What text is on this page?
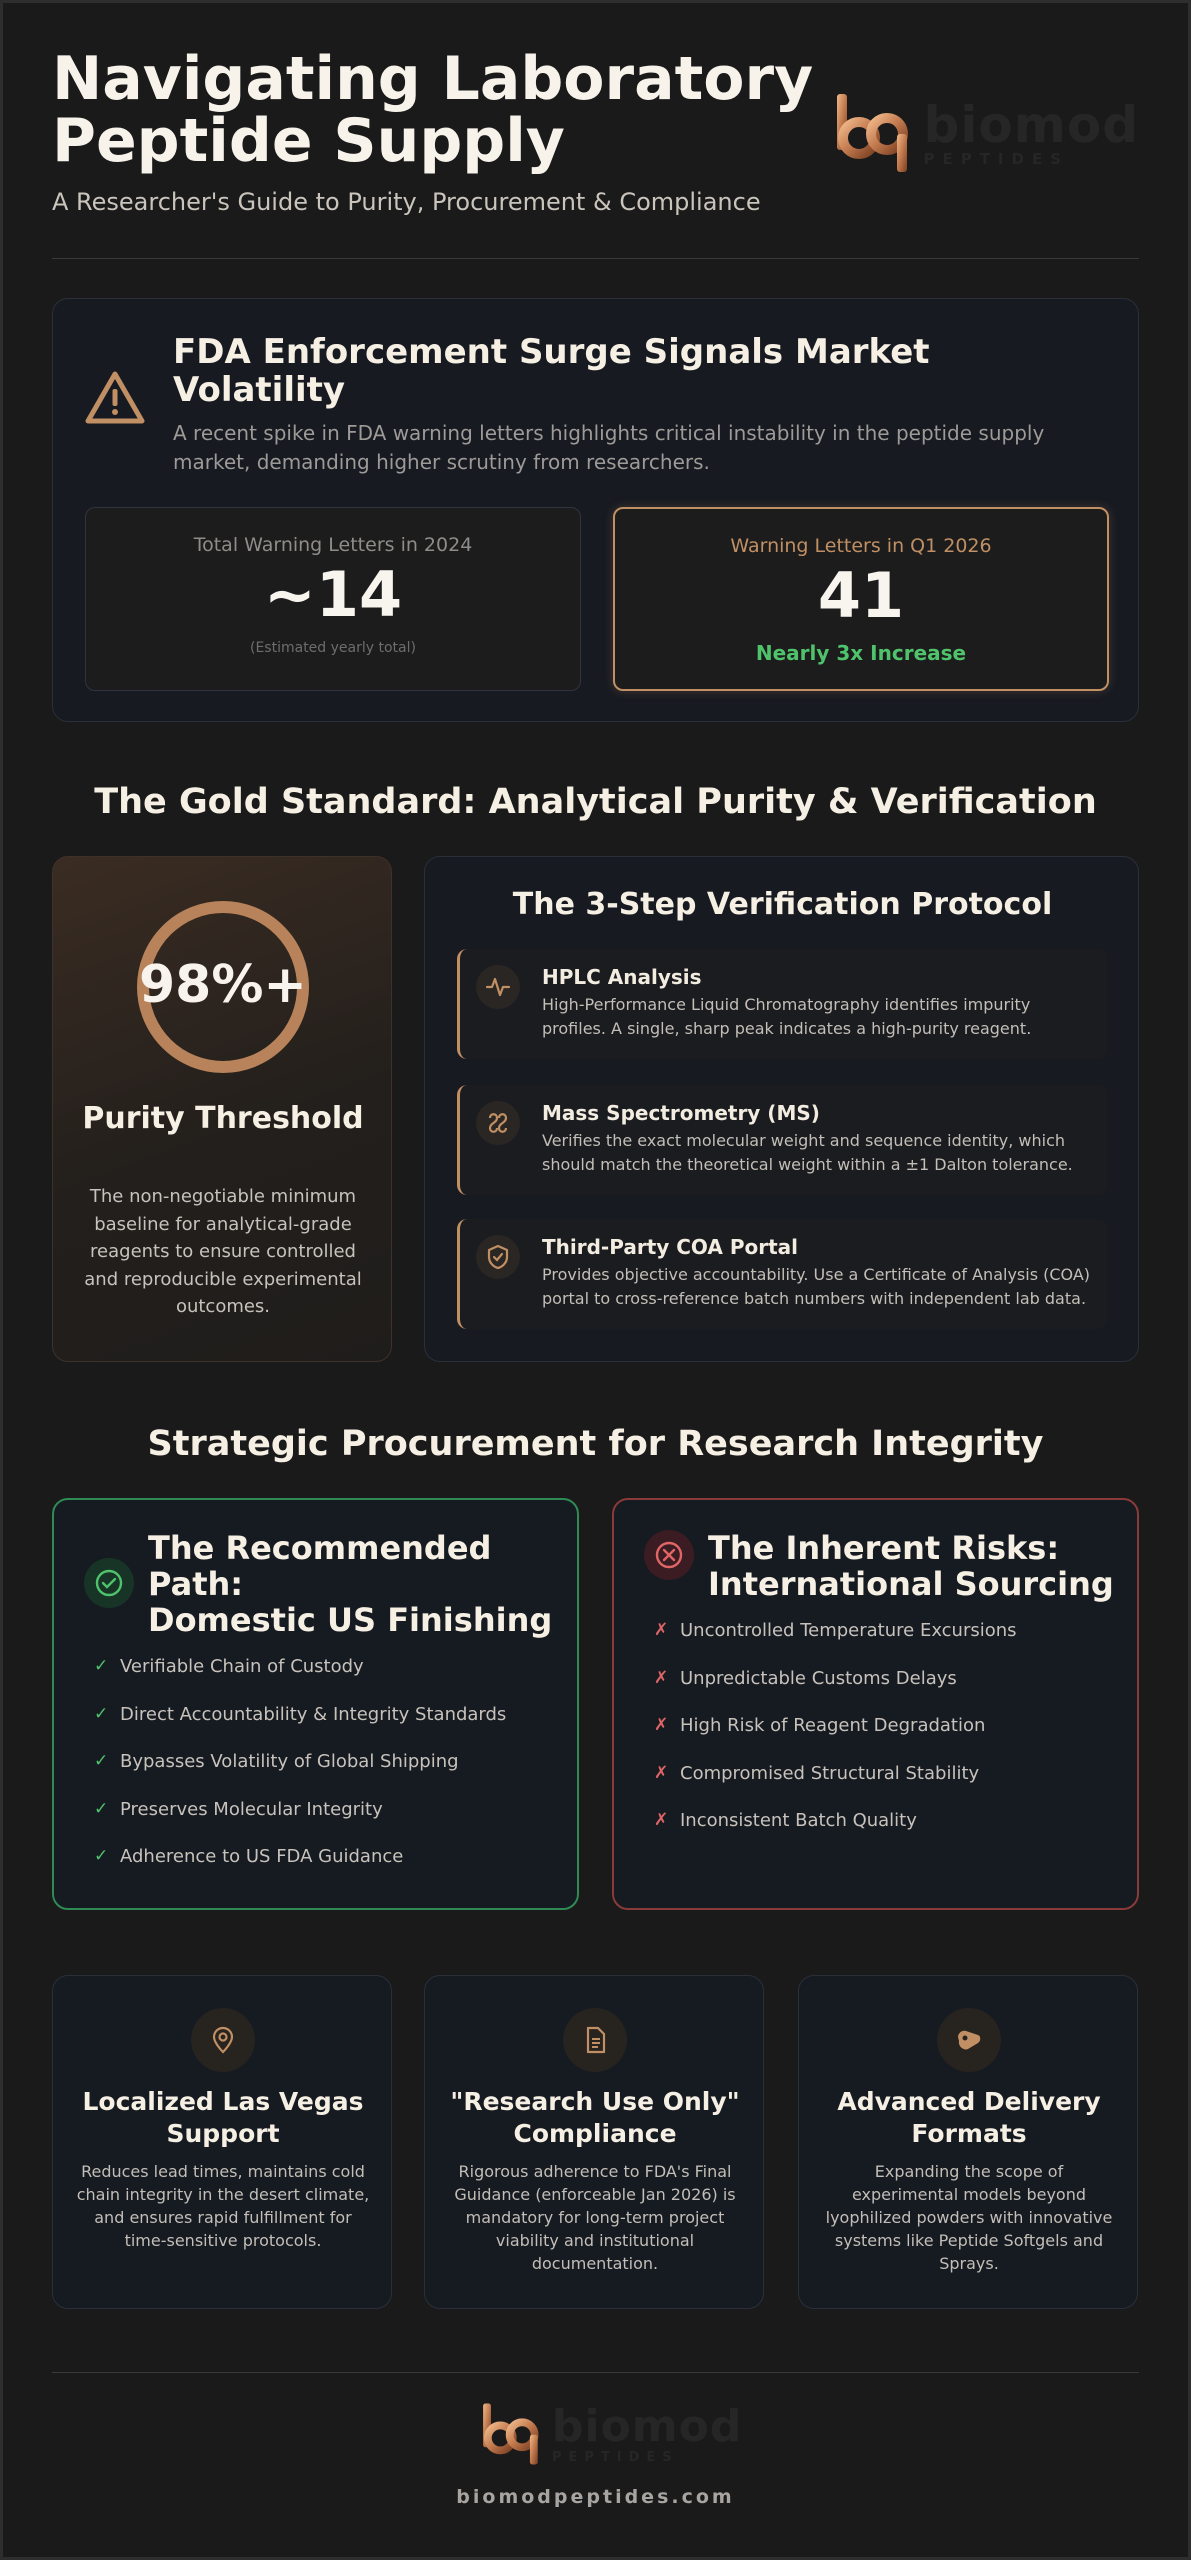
Navigating Laboratory
Peptide Supply
A Researcher's Guide to Purity, Procurement & Compliance
biomod
PEPTIDES
FDA Enforcement Surge Signals Market Volatility
A recent spike in FDA warning letters highlights critical instability in the peptide supply market, demanding higher scrutiny from researchers.
Total Warning Letters in 2024
~14
(Estimated yearly total)
Warning Letters in Q1 2026
41
Nearly 3x Increase
The Gold Standard: Analytical Purity & Verification
98%+
Purity Threshold
The non-negotiable minimum baseline for analytical-grade reagents to ensure controlled and reproducible experimental outcomes.
The 3-Step Verification Protocol
HPLC Analysis
High-Performance Liquid Chromatography identifies impurity profiles. A single, sharp peak indicates a high-purity reagent.
Mass Spectrometry (MS)
Verifies the exact molecular weight and sequence identity, which should match the theoretical weight within a ±1 Dalton tolerance.
Third-Party COA Portal
Provides objective accountability. Use a Certificate of Analysis (COA) portal to cross-reference batch numbers with independent lab data.
Strategic Procurement for Research Integrity
The Recommended
Path:
Domestic US Finishing
✓ Verifiable Chain of Custody
✓ Direct Accountability & Integrity Standards
✓ Bypasses Volatility of Global Shipping
✓ Preserves Molecular Integrity
✓ Adherence to US FDA Guidance
The Inherent Risks:
International Sourcing
✗ Uncontrolled Temperature Excursions
✗ Unpredictable Customs Delays
✗ High Risk of Reagent Degradation
✗ Compromised Structural Stability
✗ Inconsistent Batch Quality
Localized Las Vegas Support
Reduces lead times, maintains cold chain integrity in the desert climate, and ensures rapid fulfillment for time-sensitive protocols.
"Research Use Only" Compliance
Rigorous adherence to FDA's Final Guidance (enforceable Jan 2026) is mandatory for long-term project viability and institutional documentation.
Advanced Delivery Formats
Expanding the scope of experimental models beyond lyophilized powders with innovative systems like Peptide Softgels and Sprays.
biomod
PEPTIDES
biomodpeptides.com
